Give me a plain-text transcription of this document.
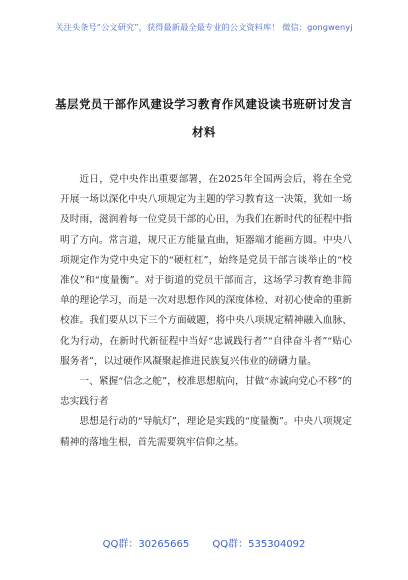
关注头条号“公文研究”，获得最新最全最专业的公文资料库！ 微信：gongwenyj
基层党员干部作风建设学习教育作风建设读书班研讨发言
材料
近日，党中央作出重要部署，在2025年全国两会后，将在全党开展一场以深化中央八项规定为主题的学习教育这一决策，犹如一场及时雨，滋润着每一位党员干部的心田，为我们在新时代的征程中指明了方向。常言道，规尺正方能量直曲，矩器端才能画方圆。中央八项规定作为党中央定下的“硬杠杠”，始终是党员干部言谈举止的“校准仪”和“度量衡”。对于街道的党员干部而言，这场学习教育绝非简单的理论学习，而是一次对思想作风的深度体检、对初心使命的重新校准。我们要从以下三个方面破题，将中央八项规定精神融入血脉、化为行动，在新时代新征程中当好“忠诚践行者”“自律奋斗者”“贴心服务者”，以过硬作风凝聚起推进民族复兴伟业的磅礴力量。
一、紧握“信念之舵”，校准思想航向，甘做“赤诚向党心不移”的忠实践行者
思想是行动的“导航灯”，理论是实践的“度量衡”。中央八项规定精神的落地生根，首先需要筑牢信仰之基。
QQ群：30265665 QQ群：535304092
